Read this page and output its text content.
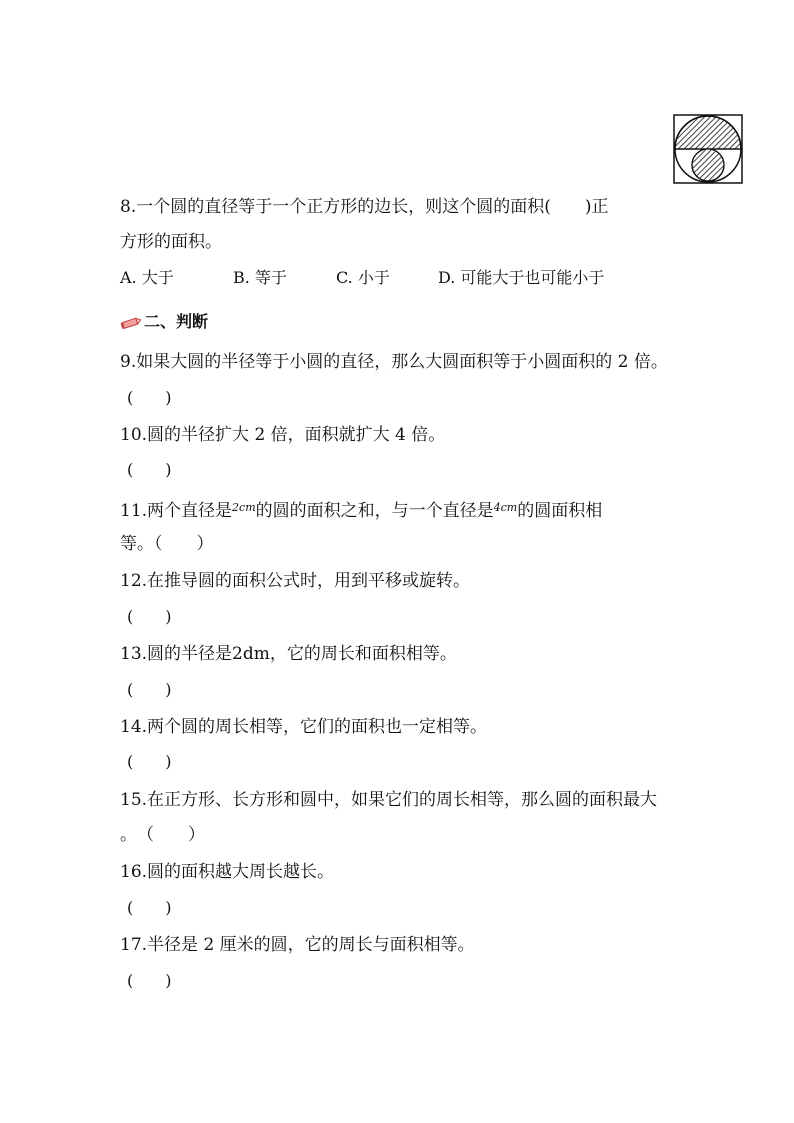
8.一个圆的直径等于一个正方形的边长，则这个圆的面积(　　)正
方形的面积。
A. 大于	B. 等于	C. 小于	D. 可能大于也可能小于
二、判断
9.如果大圆的半径等于小圆的直径，那么大圆面积等于小圆面积的 2 倍。
(　　)
10.圆的半径扩大 2 倍，面积就扩大 4 倍。
(　　)
11.两个直径是$^{2cm}$的圆的面积之和，与一个直径是$^{4cm}$的圆面积相
等。（　　）
12.在推导圆的面积公式时，用到平移或旋转。
(　　)
13.圆的半径是2dm，它的周长和面积相等。
(　　)
14.两个圆的周长相等，它们的面积也一定相等。
(　　)
15.在正方形、长方形和圆中，如果它们的周长相等，那么圆的面积最大
。　（　　）
16.圆的面积越大周长越长。
(　　)
17.半径是 2 厘米的圆，它的周长与面积相等。
(　　)
